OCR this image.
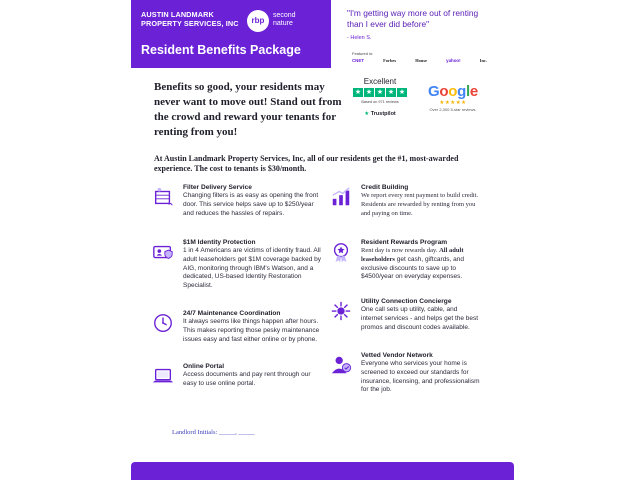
AUSTIN LANDMARK PROPERTY SERVICES, INC	rbp
second nature
Resident Benefits Package
"I'm getting way more out of renting than I ever did before"
- Helen S.
Featured in:
CNET	Forbes	House	yahoo!	Inc.
Excellent
★ ★ ★ ★ ★
Based on 971 reviews
★ Trustpilot
Google
★★★★★
Over 2,300 5-star reviews.
Benefits so good, your residents may never want to move out! Stand out from the crowd and reward your tenants for renting from you!
At Austin Landmark Property Services, Inc, all of our residents get the #1, most-awarded experience. The cost to tenants is $30/month.
Filter Delivery Service
Changing filters is as easy as opening the front door. This service helps save up to $250/year and reduces the hassles of repairs.
$1M Identity Protection
1 in 4 Americans are victims of identity fraud. All adult leaseholders get $1M coverage backed by AIG, monitoring through IBM's Watson, and a dedicated, US-based Identity Restoration Specialist.
24/7 Maintenance Coordination
It always seems like things happen after hours. This makes reporting those pesky maintenance issues easy and fast either online or by phone.
Online Portal
Access documents and pay rent through our easy to use online portal.
Credit Building
We report every rent payment to build credit. Residents are rewarded by renting from you and paying on time.
Resident Rewards Program
Rent day is now rewards day. All adult leaseholders get cash, giftcards, and exclusive discounts to save up to $4500/year on everyday expenses.
Utility Connection Concierge
One call sets up utility, cable, and internet services - and helps get the best promos and discount codes available.
Vetted Vendor Network
Everyone who services your home is screened to exceed our standards for insurance, licensing, and professionalism for the job.
Landlord Initials: _____, _____
